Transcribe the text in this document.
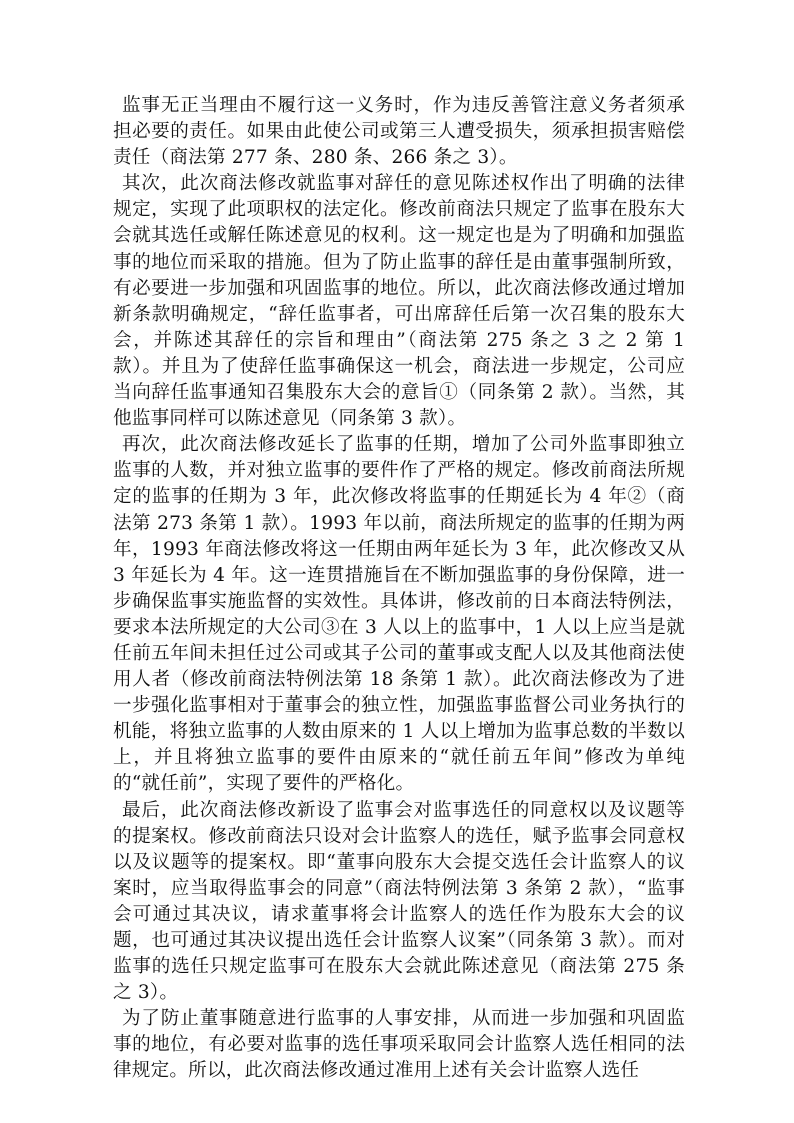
监事无正当理由不履行这一义务时，作为违反善管注意义务者须承担必要的责任。如果由此使公司或第三人遭受损失，须承担损害赔偿责任（商法第 277 条、280 条、266 条之 3）。

其次，此次商法修改就监事对辞任的意见陈述权作出了明确的法律规定，实现了此项职权的法定化。修改前商法只规定了监事在股东大会就其选任或解任陈述意见的权利。这一规定也是为了明确和加强监事的地位而采取的措施。但为了防止监事的辞任是由董事强制所致，有必要进一步加强和巩固监事的地位。所以，此次商法修改通过增加新条款明确规定，“辞任监事者，可出席辞任后第一次召集的股东大会，并陈述其辞任的宗旨和理由”（商法第 275 条之 3 之 2 第 1 款）。并且为了使辞任监事确保这一机会，商法进一步规定，公司应当向辞任监事通知召集股东大会的意旨①（同条第 2 款）。当然，其他监事同样可以陈述意见（同条第 3 款）。

再次，此次商法修改延长了监事的任期，增加了公司外监事即独立监事的人数，并对独立监事的要件作了严格的规定。修改前商法所规定的监事的任期为 3 年，此次修改将监事的任期延长为 4 年②（商法第 273 条第 1 款）。1993 年以前，商法所规定的监事的任期为两年，1993 年商法修改将这一任期由两年延长为 3 年，此次修改又从 3 年延长为 4 年。这一连贯措施旨在不断加强监事的身份保障，进一步确保监事实施监督的实效性。具体讲，修改前的日本商法特例法，要求本法所规定的大公司③在 3 人以上的监事中，1 人以上应当是就任前五年间未担任过公司或其子公司的董事或支配人以及其他商法使用人者（修改前商法特例法第 18 条第 1 款）。此次商法修改为了进一步强化监事相对于董事会的独立性，加强监事监督公司业务执行的机能，将独立监事的人数由原来的 1 人以上增加为监事总数的半数以上，并且将独立监事的要件由原来的“就任前五年间”修改为单纯的“就任前”，实现了要件的严格化。

最后，此次商法修改新设了监事会对监事选任的同意权以及议题等的提案权。修改前商法只设对会计监察人的选任，赋予监事会同意权以及议题等的提案权。即“董事向股东大会提交选任会计监察人的议案时，应当取得监事会的同意”（商法特例法第 3 条第 2 款），“监事会可通过其决议，请求董事将会计监察人的选任作为股东大会的议题，也可通过其决议提出选任会计监察人议案”（同条第 3 款）。而对监事的选任只规定监事可在股东大会就此陈述意见（商法第 275 条之 3）。

为了防止董事随意进行监事的人事安排，从而进一步加强和巩固监事的地位，有必要对监事的选任事项采取同会计监察人选任相同的法律规定。所以，此次商法修改通过准用上述有关会计监察人选任
